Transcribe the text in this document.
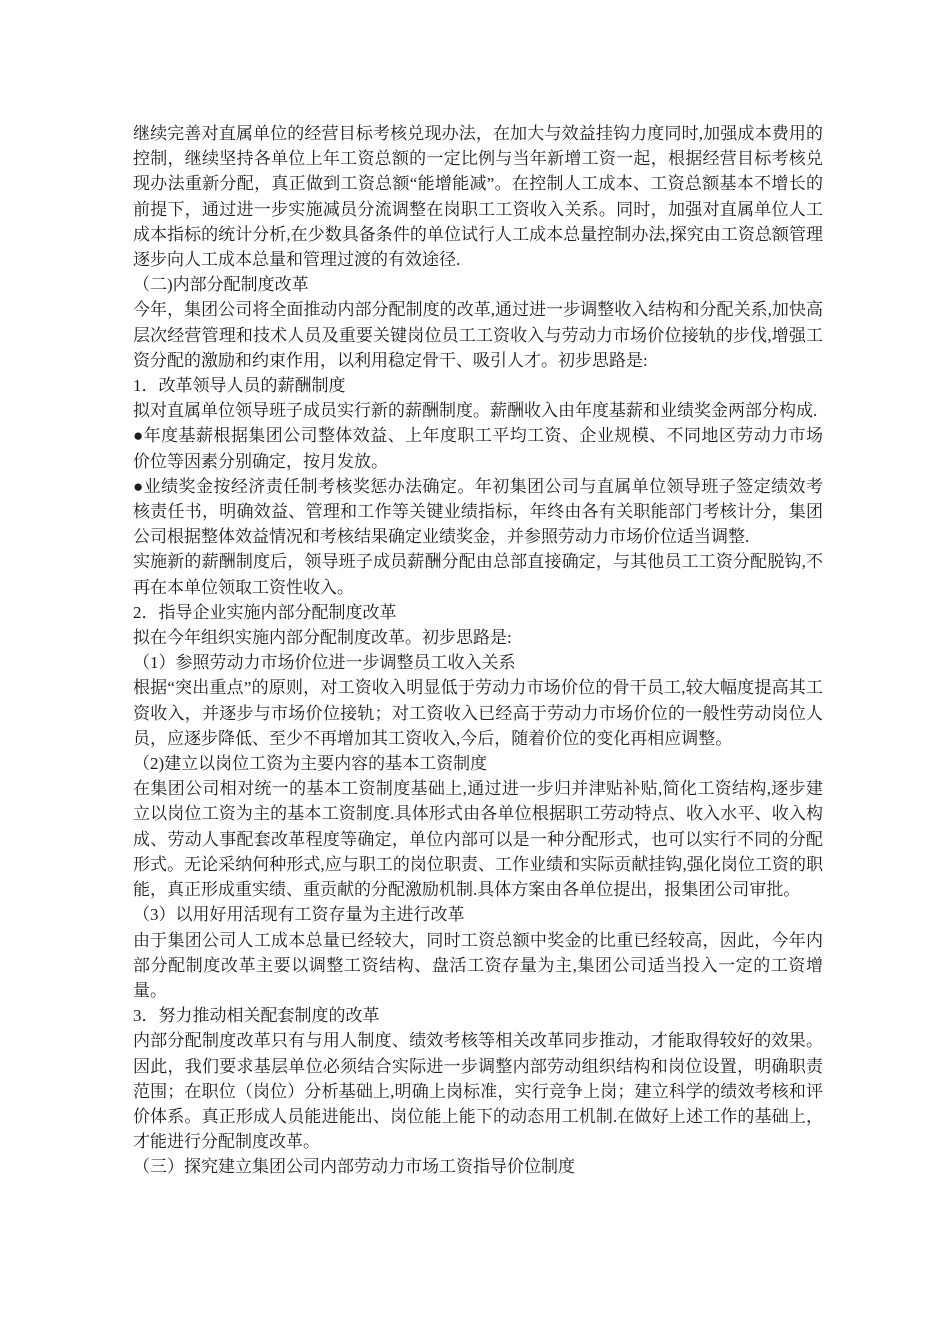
继续完善对直属单位的经营目标考核兑现办法，在加大与效益挂钩力度同时,加强成本费用的控制，继续坚持各单位上年工资总额的一定比例与当年新增工资一起，根据经营目标考核兑现办法重新分配，真正做到工资总额“能增能减”。在控制人工成本、工资总额基本不增长的前提下，通过进一步实施减员分流调整在岗职工工资收入关系。同时，加强对直属单位人工成本指标的统计分析,在少数具备条件的单位试行人工成本总量控制办法,探究由工资总额管理逐步向人工成本总量和管理过渡的有效途径.

（二)内部分配制度改革

今年，集团公司将全面推动内部分配制度的改革,通过进一步调整收入结构和分配关系,加快高层次经营管理和技术人员及重要关键岗位员工工资收入与劳动力市场价位接轨的步伐,增强工资分配的激励和约束作用，以利用稳定骨干、吸引人才。初步思路是:

1．改革领导人员的薪酬制度

拟对直属单位领导班子成员实行新的薪酬制度。薪酬收入由年度基薪和业绩奖金两部分构成.

●年度基薪根据集团公司整体效益、上年度职工平均工资、企业规模、不同地区劳动力市场价位等因素分别确定，按月发放。

●业绩奖金按经济责任制考核奖惩办法确定。年初集团公司与直属单位领导班子签定绩效考核责任书，明确效益、管理和工作等关键业绩指标，年终由各有关职能部门考核计分，集团公司根据整体效益情况和考核结果确定业绩奖金，并参照劳动力市场价位适当调整.

实施新的薪酬制度后，领导班子成员薪酬分配由总部直接确定，与其他员工工资分配脱钩,不再在本单位领取工资性收入。

2．指导企业实施内部分配制度改革

拟在今年组织实施内部分配制度改革。初步思路是:

（1）参照劳动力市场价位进一步调整员工收入关系

根据“突出重点”的原则，对工资收入明显低于劳动力市场价位的骨干员工,较大幅度提高其工资收入，并逐步与市场价位接轨；对工资收入已经高于劳动力市场价位的一般性劳动岗位人员，应逐步降低、至少不再增加其工资收入,今后，随着价位的变化再相应调整。

（2)建立以岗位工资为主要内容的基本工资制度

在集团公司相对统一的基本工资制度基础上,通过进一步归并津贴补贴,简化工资结构,逐步建立以岗位工资为主的基本工资制度.具体形式由各单位根据职工劳动特点、收入水平、收入构成、劳动人事配套改革程度等确定，单位内部可以是一种分配形式，也可以实行不同的分配形式。无论采纳何种形式,应与职工的岗位职责、工作业绩和实际贡献挂钩,强化岗位工资的职能，真正形成重实绩、重贡献的分配激励机制.具体方案由各单位提出，报集团公司审批。

（3）以用好用活现有工资存量为主进行改革

由于集团公司人工成本总量已经较大，同时工资总额中奖金的比重已经较高，因此，今年内部分配制度改革主要以调整工资结构、盘活工资存量为主,集团公司适当投入一定的工资增量。

3．努力推动相关配套制度的改革

内部分配制度改革只有与用人制度、绩效考核等相关改革同步推动，才能取得较好的效果。因此，我们要求基层单位必须结合实际进一步调整内部劳动组织结构和岗位设置，明确职责范围；在职位（岗位）分析基础上,明确上岗标准，实行竞争上岗；建立科学的绩效考核和评价体系。真正形成人员能进能出、岗位能上能下的动态用工机制.在做好上述工作的基础上，才能进行分配制度改革。

（三）探究建立集团公司内部劳动力市场工资指导价位制度
